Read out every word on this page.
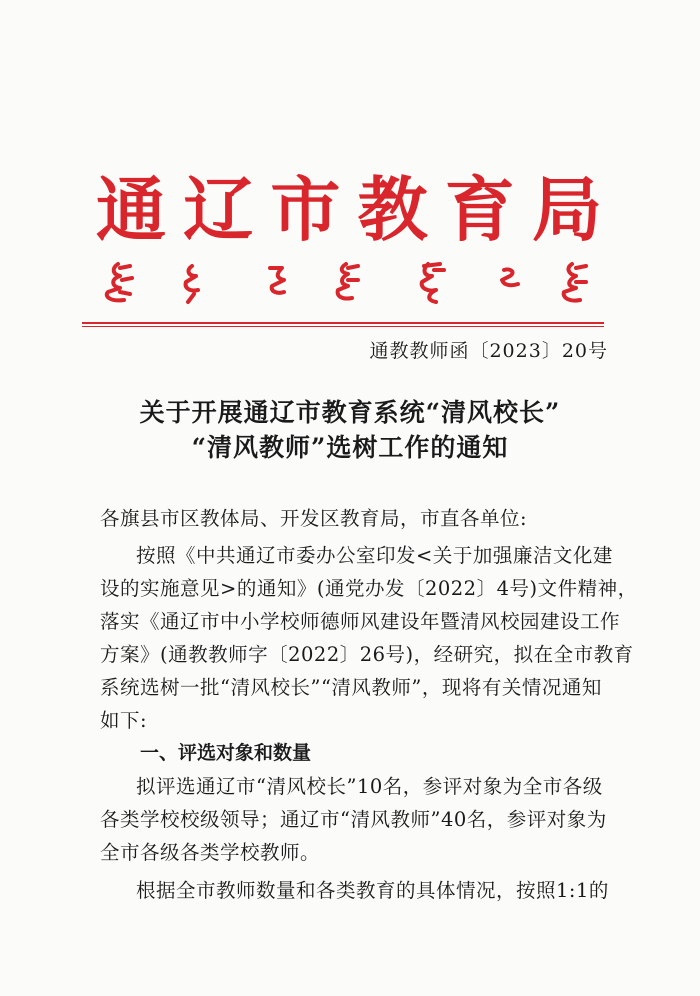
通 辽 市 教 育 局
通教教师函〔2023〕20号
关于开展通辽市教育系统“清风校长”
“清风教师”选树工作的通知
各旗县市区教体局、开发区教育局，市直各单位:
按照《中共通辽市委办公室印发<关于加强廉洁文化建
设的实施意见>的通知》(通党办发〔2022〕4号)文件精神，
落实《通辽市中小学校师德师风建设年暨清风校园建设工作
方案》(通教教师字〔2022〕26号)，经研究，拟在全市教育
系统选树一批“清风校长”“清风教师”，现将有关情况通知
如下:
一、评选对象和数量
拟评选通辽市“清风校长”10名，参评对象为全市各级
各类学校校级领导；通辽市“清风教师”40名，参评对象为
全市各级各类学校教师。
根据全市教师数量和各类教育的具体情况，按照1:1的
